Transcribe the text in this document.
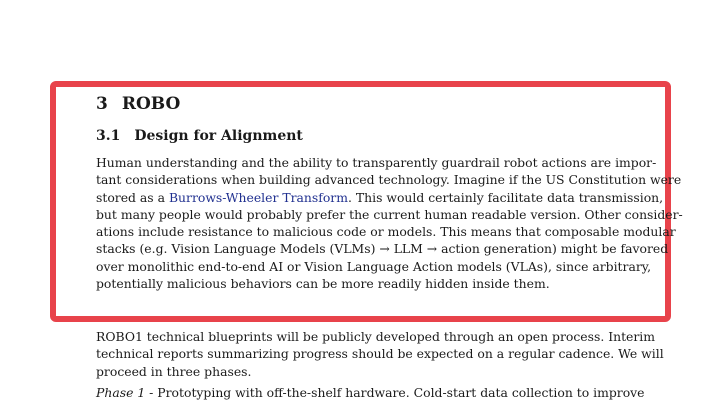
3 ROBO
3.1 Design for Alignment
Human understanding and the ability to transparently guardrail robot actions are impor-
tant considerations when building advanced technology. Imagine if the US Constitution were
stored as a Burrows-Wheeler Transform. This would certainly facilitate data transmission,
but many people would probably prefer the current human readable version. Other consider-
ations include resistance to malicious code or models. This means that composable modular
stacks (e.g. Vision Language Models (VLMs) → LLM → action generation) might be favored
over monolithic end-to-end AI or Vision Language Action models (VLAs), since arbitrary,
potentially malicious behaviors can be more readily hidden inside them.
ROBO1 technical blueprints will be publicly developed through an open process. Interim
technical reports summarizing progress should be expected on a regular cadence. We will
proceed in three phases.
Phase 1 - Prototyping with off-the-shelf hardware. Cold-start data collection to improve
